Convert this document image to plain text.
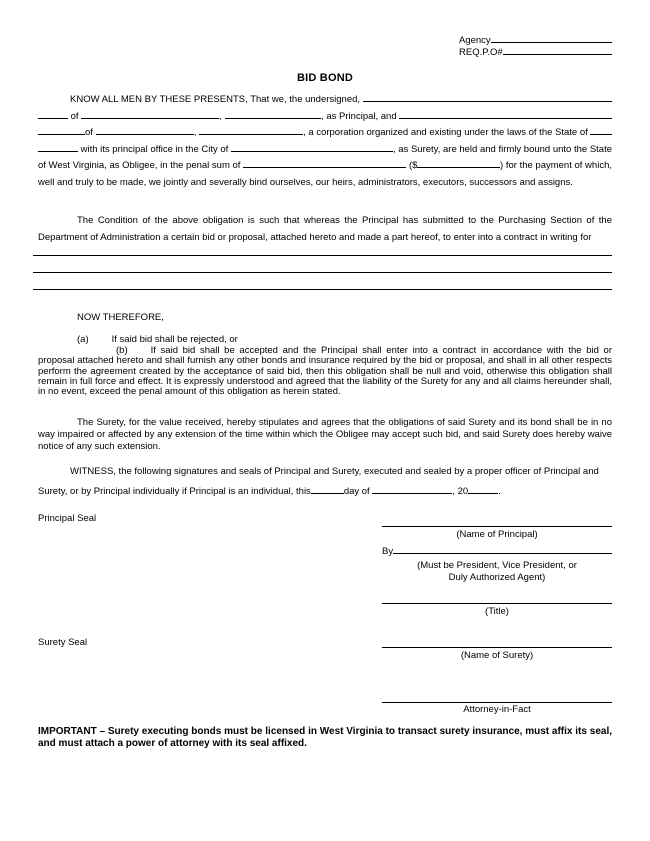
Agency
REQ.P.O#
BID BOND
KNOW ALL MEN BY THESE PRESENTS, That we, the undersigned,
of	,	, as Principal, and
of	,	, a corporation organized and existing under the laws of the State of
with its principal office in the City of	, as Surety, are held and firmly bound unto the State
of West Virginia, as Obligee, in the penal sum of	($	) for the payment of which,
well and truly to be made, we jointly and severally bind ourselves, our heirs, administrators, executors, successors and assigns.
The Condition of the above obligation is such that whereas the Principal has submitted to the Purchasing Section of the Department of Administration a certain bid or proposal, attached hereto and made a part hereof, to enter into a contract in writing for
NOW THEREFORE,
(a) If said bid shall be rejected, or
(b) If said bid shall be accepted and the Principal shall enter into a contract in accordance with the bid or proposal attached hereto and shall furnish any other bonds and insurance required by the bid or proposal, and shall in all other respects perform the agreement created by the acceptance of said bid, then this obligation shall be null and void, otherwise this obligation shall remain in full force and effect. It is expressly understood and agreed that the liability of the Surety for any and all claims hereunder shall, in no event, exceed the penal amount of this obligation as herein stated.
The Surety, for the value received, hereby stipulates and agrees that the obligations of said Surety and its bond shall be in no way impaired or affected by any extension of the time within which the Obligee may accept such bid, and said Surety does hereby waive notice of any such extension.
WITNESS, the following signatures and seals of Principal and Surety, executed and sealed by a proper officer of Principal and
Surety, or by Principal individually if Principal is an individual, this	day of	, 20	.
Principal Seal
Surety Seal
(Name of Principal)
By
(Must be President, Vice President, or
Duly Authorized Agent)
(Title)
(Name of Surety)
Attorney-in-Fact
IMPORTANT – Surety executing bonds must be licensed in West Virginia to transact surety insurance, must affix its seal, and must attach a power of attorney with its seal affixed.
